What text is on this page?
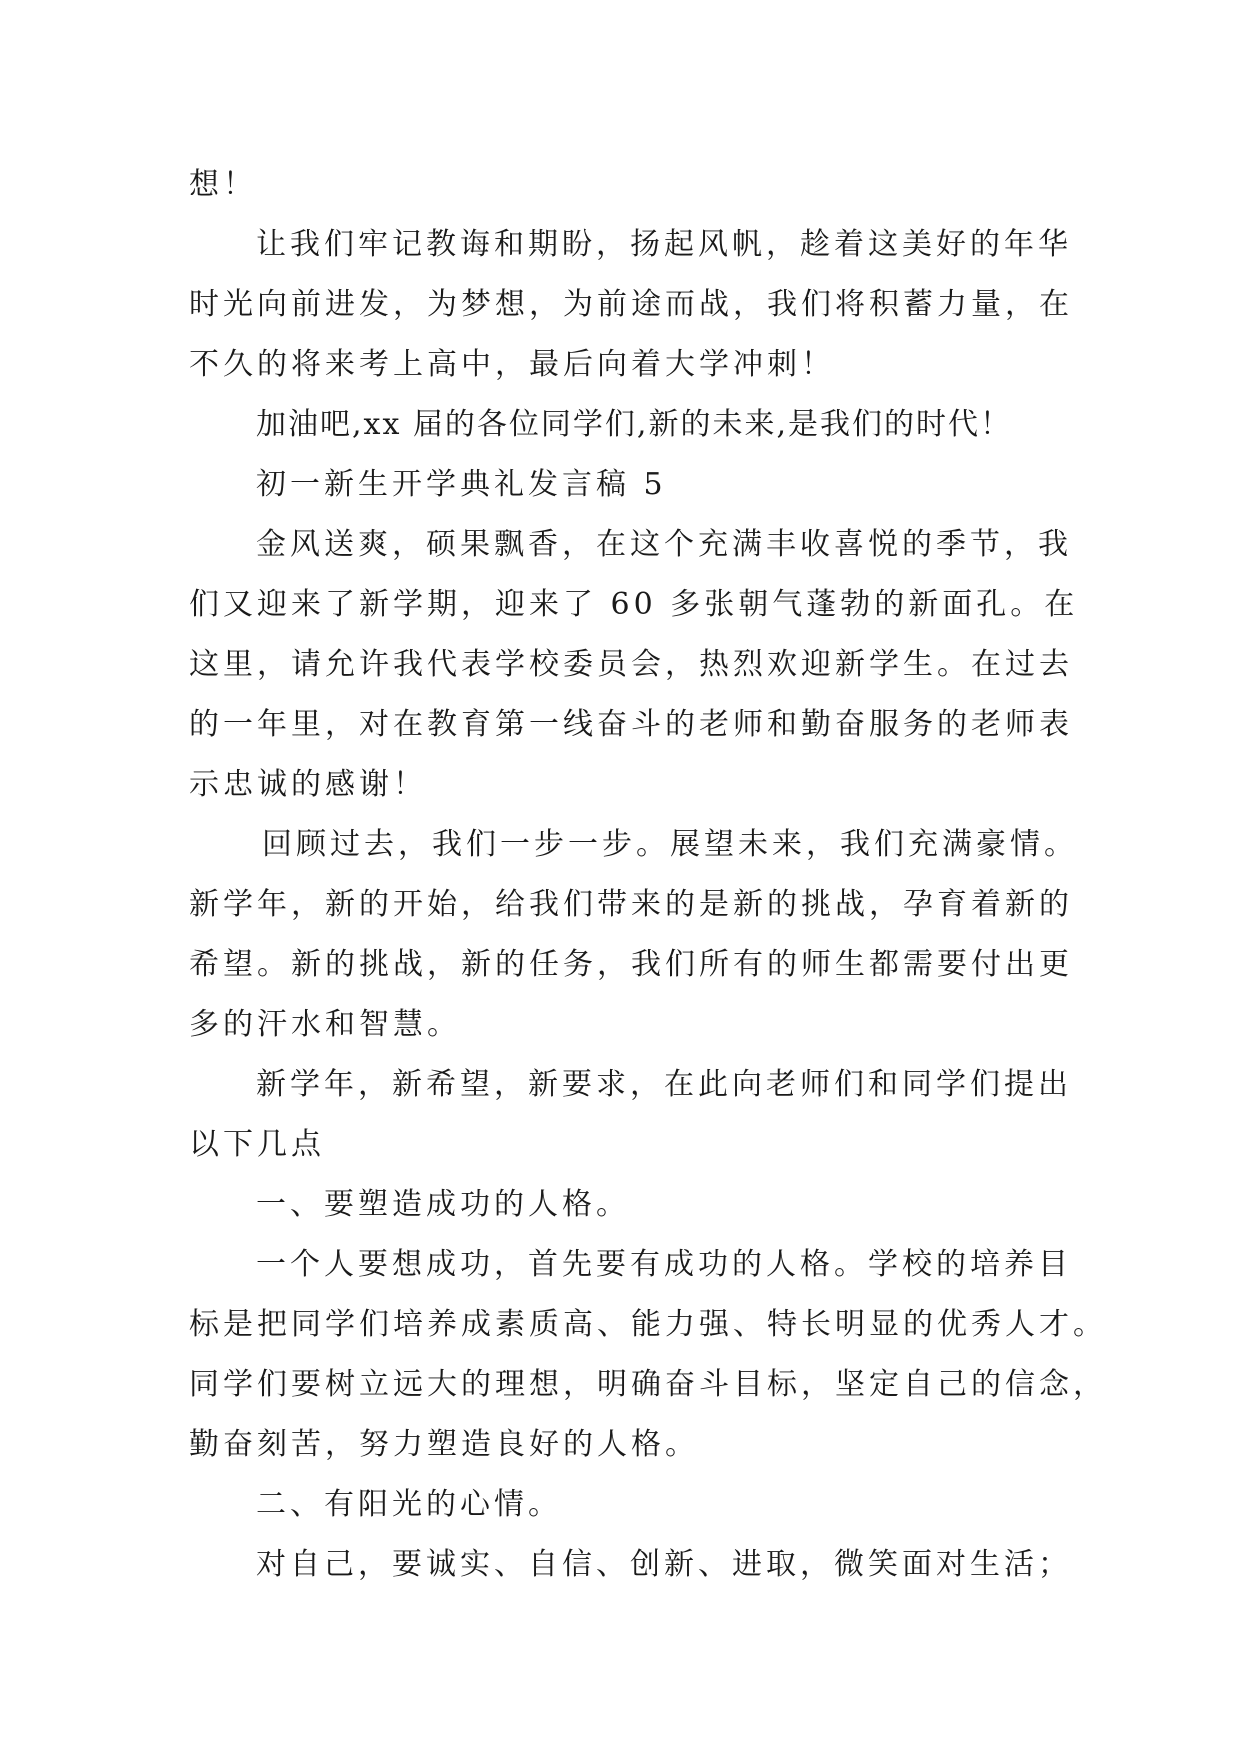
想！
让我们牢记教诲和期盼，扬起风帆，趁着这美好的年华
时光向前进发，为梦想，为前途而战，我们将积蓄力量，在
不久的将来考上高中，最后向着大学冲刺！
加油吧,xx 届的各位同学们,新的未来,是我们的时代！
初一新生开学典礼发言稿 5
金风送爽，硕果飘香，在这个充满丰收喜悦的季节，我
们又迎来了新学期，迎来了 60 多张朝气蓬勃的新面孔。在
这里，请允许我代表学校委员会，热烈欢迎新学生。在过去
的一年里，对在教育第一线奋斗的老师和勤奋服务的老师表
示忠诚的感谢！
回顾过去，我们一步一步。展望未来，我们充满豪情。
新学年，新的开始，给我们带来的是新的挑战，孕育着新的
希望。新的挑战，新的任务，我们所有的师生都需要付出更
多的汗水和智慧。
新学年，新希望，新要求，在此向老师们和同学们提出
以下几点
一、要塑造成功的人格。
一个人要想成功，首先要有成功的人格。学校的培养目
标是把同学们培养成素质高、能力强、特长明显的优秀人才。
同学们要树立远大的理想，明确奋斗目标，坚定自己的信念，
勤奋刻苦，努力塑造良好的人格。
二、有阳光的心情。
对自己，要诚实、自信、创新、进取，微笑面对生活；
